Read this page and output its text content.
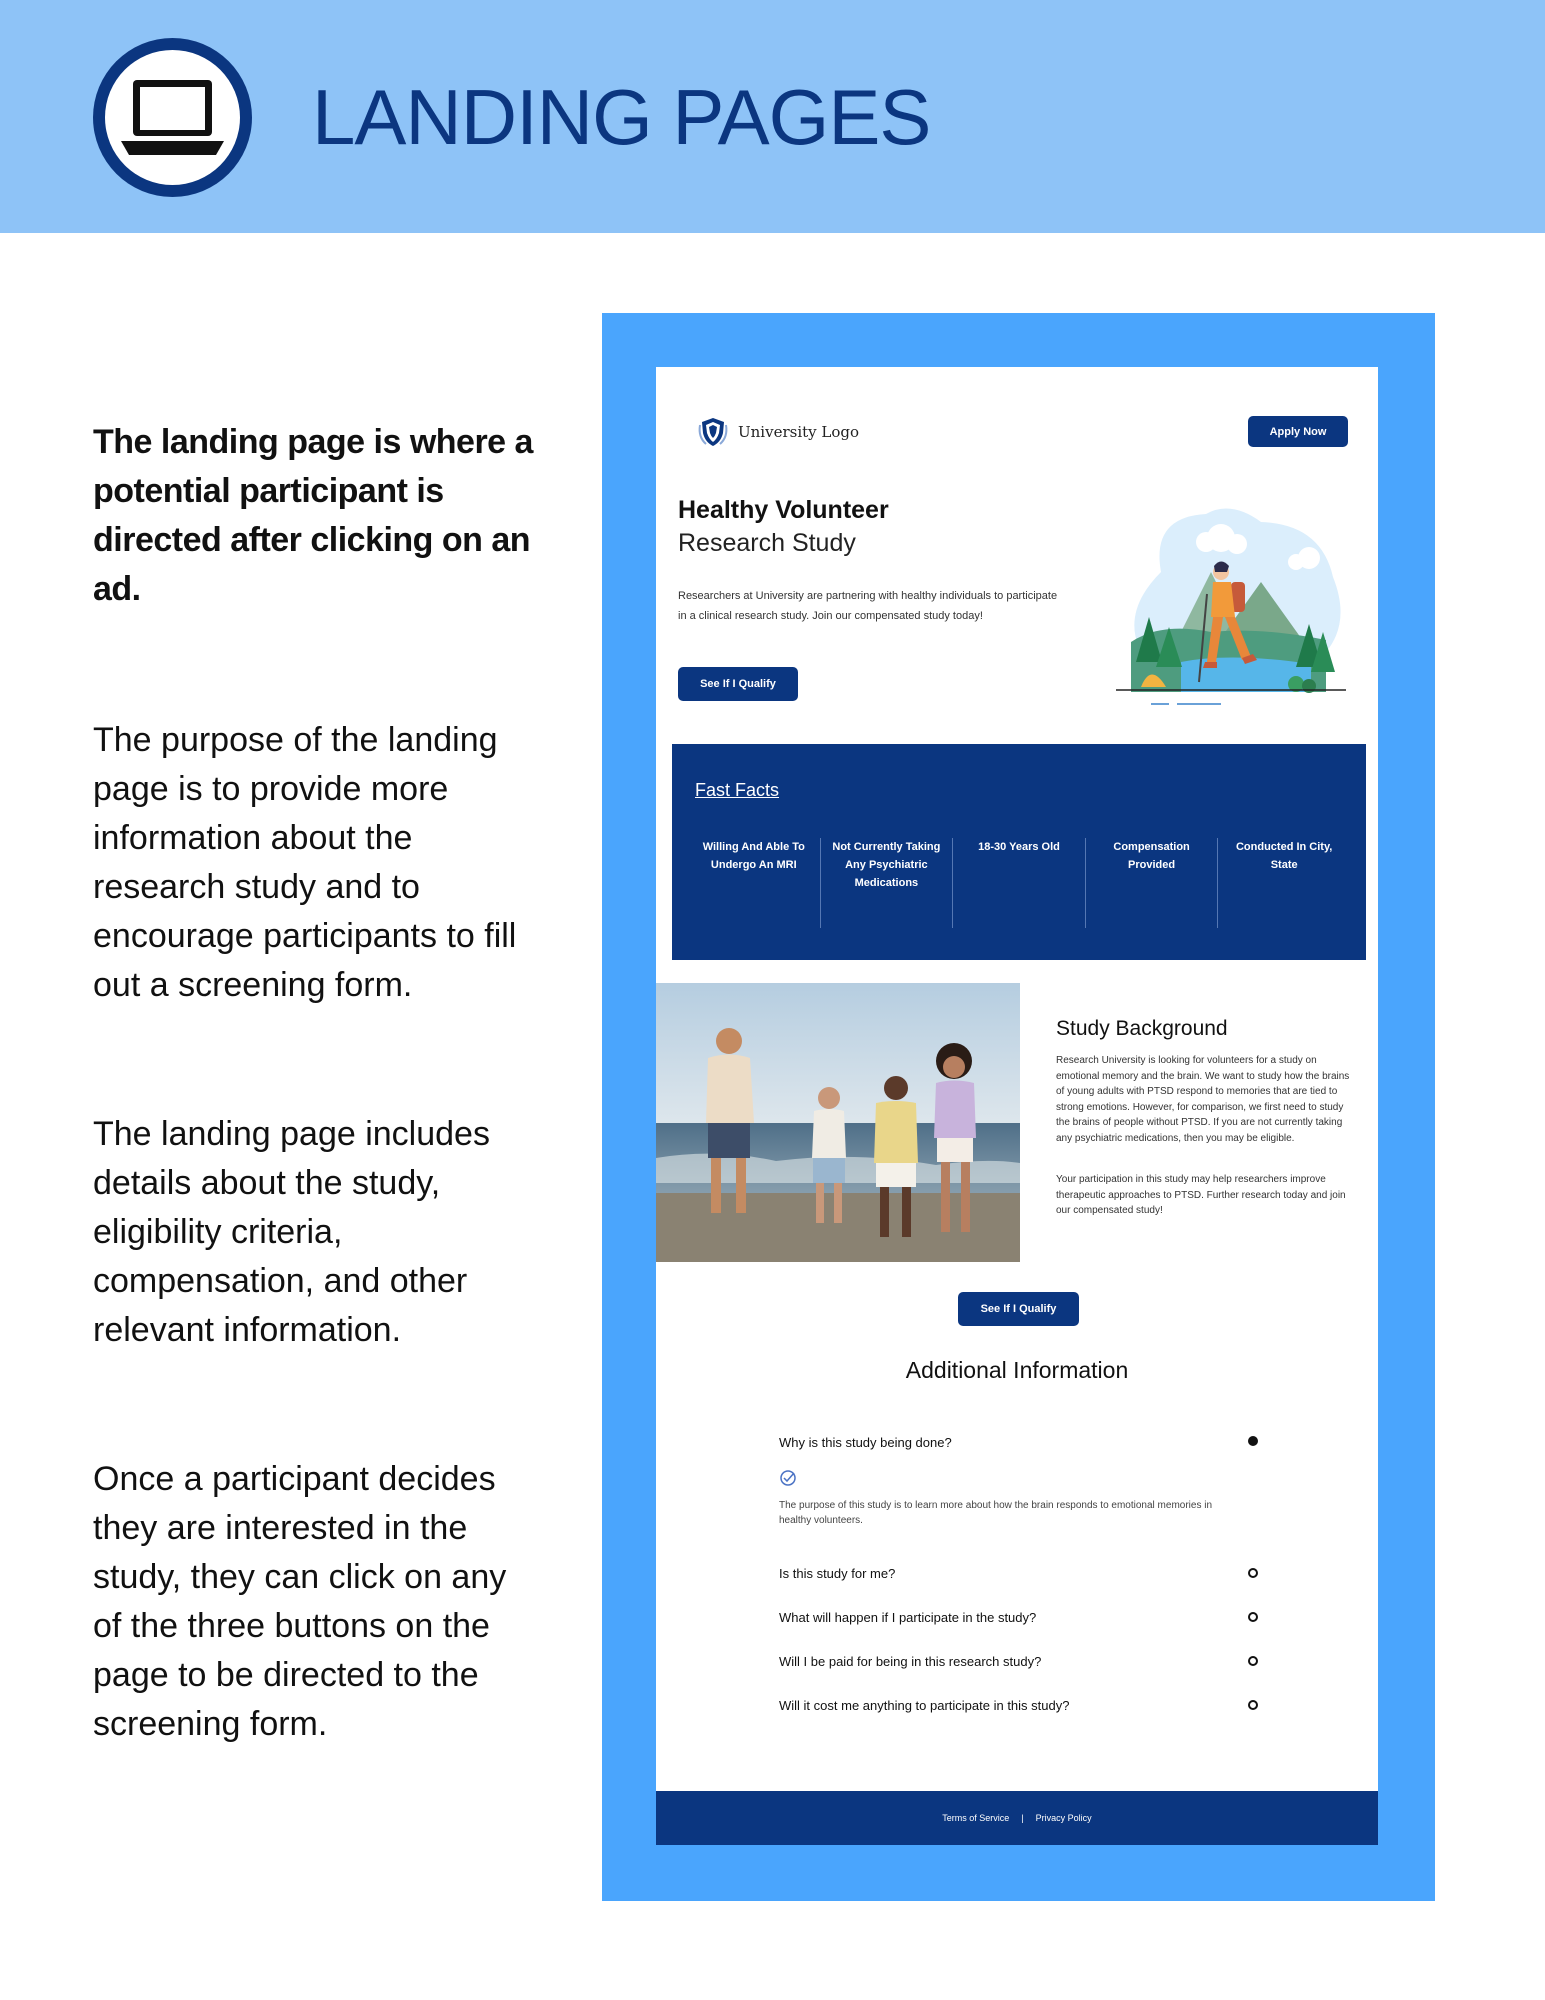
LANDING PAGES

The landing page is where a potential participant is directed after clicking on an ad.

The purpose of the landing page is to provide more information about the research study and to encourage participants to fill out a screening form.

The landing page includes details about the study, eligibility criteria, compensation, and other relevant information.

Once a participant decides they are interested in the study, they can click on any of the three buttons on the page to be directed to the screening form.

University Logo	Apply Now
Healthy Volunteer
Research Study
Researchers at University are partnering with healthy individuals to participate in a clinical research study. Join our compensated study today!
See If I Qualify
Fast Facts
Willing And Able To Undergo An MRI
Not Currently Taking Any Psychiatric Medications
18-30 Years Old	Compensation Provided
Conducted In City, State
Study Background
Research University is looking for volunteers for a study on emotional memory and the brain. We want to study how the brains of young adults with PTSD respond to memories that are tied to strong emotions. However, for comparison, we first need to study the brains of people without PTSD. If you are not currently taking any psychiatric medications, then you may be eligible.
Your participation in this study may help researchers improve therapeutic approaches to PTSD. Further research today and join our compensated study!
See If I Qualify
Additional Information
Why is this study being done?
The purpose of this study is to learn more about how the brain responds to emotional memories in healthy volunteers.
Is this study for me?
What will happen if I participate in the study?
Will I be paid for being in this research study?
Will it cost me anything to participate in this study?
Terms of Service | Privacy Policy
